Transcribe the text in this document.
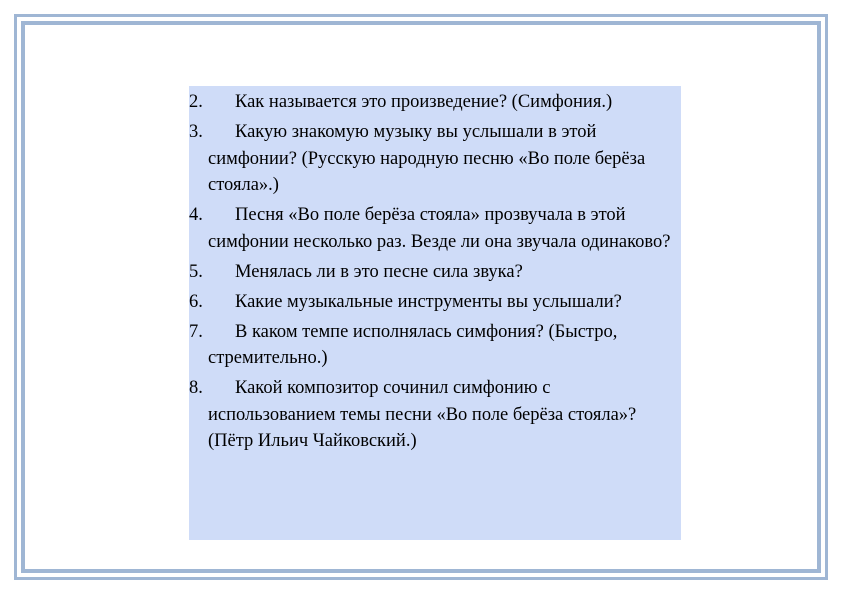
2.	Как называется это произведение? (Симфония.)
3.	Какую знакомую музыку вы услышали в этой симфонии? (Русскую народную песню «Во поле берёза стояла».)
4.	Песня «Во поле берёза стояла» прозвучала в этой симфонии несколько раз. Везде ли она звучала одинаково?
5.	Менялась ли в это песне сила звука?
6.	Какие музыкальные инструменты вы услышали?
7.	В каком темпе исполнялась симфония? (Быстро, стремительно.)
8.	Какой композитор сочинил симфонию с использованием темы песни «Во поле берёза стояла»? (Пётр Ильич Чайковский.)
